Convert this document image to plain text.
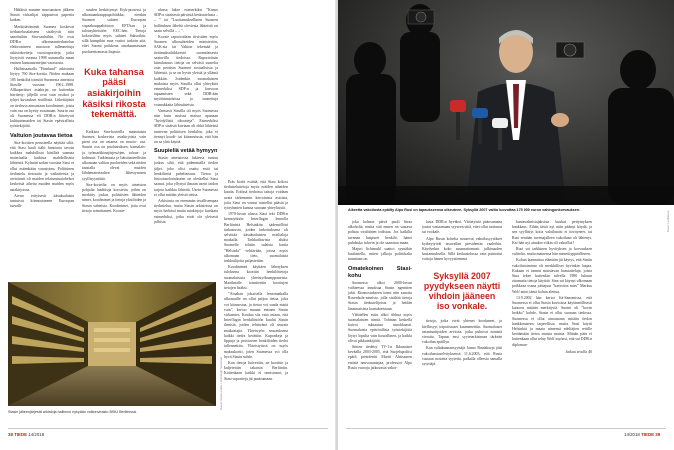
Häkkisä muuten murtumisen jälkeen Stasin virkailijat säppasivat paperita kaiken.

Merkittävimmät Suomea koskevat tiedustelusalaiseen sisältyvät niin sanottuihin Sira-tauluihin. Ne ovat DDR:n ulkomaantiedustelun elektroniseen muotoon tallennettuja arkistokortteja vuosiraportteja, jotka löytyivät vuonna 1998 uutumalla maan entisen kansanarmeijan varastosta.

Hallussaanalla ”Finnland” arkistosta löytyy 760 Sira-korttia. Niiden mukaan 185 henkilöä toimitti Suomesta aineistoa Stasille vuosina 1961–1988. Allkuperäiset asiakirjat on kuitenkin hävitetty; jäljellä ovat vain otsikot ja tyhjet kuvaukset sisällöstä. Liikettäjästä on tiedossa ainoastaan koodinimet, joista vain osa on kyetty avaamaan. Suurin osa oli Suomessa eli DDR:n liittetyvät kulttuurimaiden tai Stasin epävirallisia työntekijöitä.

Valtuion joutavaa tietoa

Sira-korttien perusteella näyttää siltä, että Stasi haali tiälti hanttoria tavoin kaikkea mahdollista käsilleä saamaa materiaalia kaikista mahdollisista lähteistä. Kylmän sodan vuosina Stasi ei ollut mitenkään varastoinu. Poliittinen tiedustelu tietotaito ja vaikutteista ja arvioinnit oli maiden telaiseutuaiohelset keskeisiä aiheita muiden maiden myös asiakirjoissa.

Aivan erityisesti itäsaksalaisia tuntuivat kiinnostaneen Euroopan turvalli-

suuden keskittymyt Etyk-prosessi ja ulkomaankauppapolitiikka, etenkin Suomen suhteet Euroopan vapaakauppaliittoon EFTAan ja talousyhteisöön EEC:hen. Tietoja kokoteiltiin myös suhteet Saksoihin, sillä kumpikin maa vartioi tarkoin sitä, ettei Suomi poikkeaa omaksumastaan puolueettomasta linjasta.

Kuka tahansa pääsi asiakirjoihin käsiksi rikosta tekemättä.

Kaikista Sira-korteilla mainituista Suomea koskevista asiakirjoista vain pieni osa on asiansa on muoto- osa. Suurin osa on puolustuksen, kansalais- ja työmarkkinajärjestöjen, talous- ja kulttuuri. Tutkimusta ja Itäisätaiteellisiin ulkomaan valtion puolueiden sekä niiden taustalla olevat muiden lähdemateriaalien lähestymisen syyllisyyntäitä.

Sira-korteilta on myös aineiston pohjalta laadittuja koosteita, joihin on merkitty joskus poliittisten lähteiden nimet, koodinimet ja tietoja yksilöiden ja Stasin suhteista. Koodinimet, joita ovat tietoja toimittaneet. Kooste-

alussa lukee esimerkiksi ”Kanso SDP:n sisäisestä päivästä keskustelusta – – ” tai ”Luottamuksellinen Suomen hallituksen läheltä oleviesta lähteistä on saatu selvillä – – ”.

Kooste raportoidaan tiivistäen myös Suomen ulkosuhteiden ministeriön, SAK:sta tai Valtion tekemää ja tietämaksuliikkeestä suomalaisesta saatavilla tiedoissa. Raportoituin kiinalaisuus tietoja on selvästi suurelta osin peräisin Suomen sosiaalisista ja lähteistä, ja se on hyvin yleistä ja yllämä kaikkiin. Joidenkin suomalaisten mukaista myös Stasilla ollut yhteyksiä esimerkiksi SDP:n ja kasvoon tapaamisten sekä DDR:ään myötätuntoisissa ja tunnettuja voimakkaita lähisuhteista.

Varmasti Stasilla oli myös Suomessa niin kuin muissa maissa apunaan ”hyödyllisiä idiootteja”. Esimerkiksi SDP:n sisäisiä kuviaan oli ehkä lähteistä tuntevan poliittisen henkilön, joka ei tiennyt koodi- tai kiinnostusta, että hän on sa yhtä käyttä.

Suupieliä vetää hymyyn

Stasin aineistossa lukiessa tuntuu joskus siltä, että pidemmällä tiedon jäljet, joko olisi osattu etsiä tai henkilöeitä puheliaisuus. Tietoa ja historiaselostukseen on oleskellut Stasi saanut, joka yllyttyä ilmaan usein taidon tarjota kaikkia lähteitä. Usein Suomessa ei ollut mitään yleistä tietoa.

Arkistosta on enemmän tavallisempaa tiedustelua, mutta Stasin arkistoissa on myös herkästi muita asiakirjoja: kuiskata esimerkiksi, jotka eivät ole yleisesti julkisia.

Eräs kortti esittää, että Stasi kokosi tiedustelutietoja myös eräiden aiheiden kautta. Eräissä tiedoissa taitoja voidaan avata tarkemmin kerrotuista asioista, joita Stasi on voinut taistellut päästä ja työryhmien kanssa suoraan yhteyksistä.

1970-luvun alussa Stasi teki DDR:n kennoyhtiön Interflugin lennolla Berliinistä Helsinkiin sädemöllöni tarkastusta, joiden tarkoituksena oli selvittää itäsaksalaisten mielialoja matkalla. Tarkkailtavista aluksi Suomelle tehtiin salaisia kartta ”Helsinki” -tehtävään, joissa myös ulkomaan tieto, suomalaisia tarkkailijoita paljastettiin.

Koodinimeä käyttäen lähetyksen tuloksena koottiin henkilötietoja suomalaisista yhteistyökumppaneista. Maailmalle toimitettiin koottujen tietojen lisäksi.

”Ainahan jokaisella lentomatkalla ulkomaille on ollut paljon tietoa, joka voi kiinnostaa, ja tietoa voi saada mistä vain”, kertoo muuan entinen Stasin virkamies. Kuuluu siis vain asiaan, että Interflugin henkilöstöön kuului Stasin ihmisiä, joiden tehtävänä oli seurata matkustajia. Yhteistyön seurauksena kaikki tiedot kerättiin. Kuponkeja ja lippuja ja poistuvien henkilöiden tiedot tallennettiin. Yhteistyössä on myös maksukortti, joten Suomessa voi olla hyvä Stasin suhde.

Kun tietoja kaivettiin, ne koottiin ja kuljetettiin takaisin Berliiniin. Kuitenkaan kaikki ei onnistunut, ja Stasi-raportteja jäi puuttumaan.

Stasin jälleenjärjestä arkistoja hallinnoi nykyään valtionvirasto BStU Berliinissä.
Kuvat: Kaisa Huitio / Helsingin Sanomat
38 TIEDE 14/2018
Aikeetta vakoilusta epäilty Alpo Rusi on tapaukseensa oikeuteen. Syksyllä 2007 valtio luovuttaa 175 000 euron vahingonkorvauksen.
Kuva: Lehtikuva

joka kolmas päivä puoli litraa alkoholia, mutta sitä ennen on saatava polttaa viraltiinen todistaa. Jos kaikilta tavanan lasipuret henkilö, hänet puhdasko taluvin ja ole saanaton maan.

Majuri lichtmuhl saattoi syynäkin kauhistella, miten jalkoja politiikalta tuumiaan on.

Omatekoinen Stasi-kohu

Suomessa alkoi 2000-luvun vaihteessa innoksaa Stasin agenttien jahti. Kiinnostukseen toimi niin sanottu Rosenholz-aineisto, jolla sisältää tietoja Stasin tiedustelijoista ja heidän länsimaisista kontakteistaan.

Vähitellen esiin alkoi tihkua myös suomalaisten nimiä. Tohinan keskellä kaivoi suhtautua innokkaasti. Suomalaisia epävirallisia työntekijöitä löytyi lopulta vain kourallinen, ja kaikki olivat pikkuinkijöitä.

Siitten tiedetty TV-1:n Ikkunaiset keväällä 2003-2005, että Suojelupoliisi epäili presidentti Martti Ahtisaaren entistä neuvonantajaa, professori Alpo Rusia vuoroja jatkuvasta vakoi-

lusta DDR:n hyväksi. Väitetyistä pääosamana joutui vastaamaan syyseen siitä, ettei ollut tarttunut tai vookale.

Alpo Rusin kohelta nousevat vakoilusyytökset kytkeytyivät tasavallan presidentin vaaleihin. Käydynkin koko suunnattomasti julkisuuden kustannuksella. Sillä keskustelussa vain painottui voitoja hänen hyvyystiemmä.

Syksyllä 2007 pyydykseen näytti vihdoin jääneen iso vonkale.

tietoja, jotka eivät yhtenet koodaneet, ja kiellitsyyt toipotistaset kuumenettiin. Suomalaiset asiantuntijoiden arvioita, jotka puhuvat nimistä vieraita. Tapaus ensi syytetarkistman tärkeän vakoilun epäillyn.

Kun valtakunnansyyttäjä Jarmo Rautakorpi jätti vakoiluasiaselvityksensä 11.6.2003, että Rusia vastaan nostetta syytettä, paikalla olleesta samalla sytyttäjä.

kantavalmistajaksista kuukai pettymyksen hankkaus. Eihän tässä nyt näin pitänyt käydä, ja sen syyllistyi kotia valoilunasi ei tiivityneet, tai Rusi sentään tuvenajalleen vakoiluan oli lähtenyt. Kai hän nyt ainakin viikin oli vakoillut?

Rusi sai tarkkinen hyvityksen ja korvauksen valtiolta, mutta mainensa hän menettiyppäälliseen.

Kohun laannuttua elämään jäi käytys, että Stasin vakoilutoiminta oli merkkilliset hyvinkin laajaa. Kukaan ei tunnut muistavan haastatteluja, joista Sina tekee kuitenkin talvella 1980 lukuun ottamatta tietoja käyttää. Sina sai käynyt ulkomaan poikkeaa osana johtajuut ”kasvoton mies” Markus Wolf antoi tämä kohun alettua.

13.9.2002 hän kertoi Itä-Sanomissa, että Suomessa ei ollut Stasin kuvioissa käytännöllisesti katsoen mitään merkitystä. Suomi oli ”kovin heikko” kohde, Stasin ei ollut suoraan tiedossa. Suomessa ei ollut ainoastaan mitään tiedon hankkimiseen tarpeellista, mutta Stasi käytti Helsinkiä ja maata nimensä edeltäjien reitille keräämään tietoa muista maista. Mitään päin ei kuitenkaan ollut tehty Wolf myönsi, että sai DDR:n diplomaa-

Jatkuu sivulla 40
14/2018 TIEDE 39
